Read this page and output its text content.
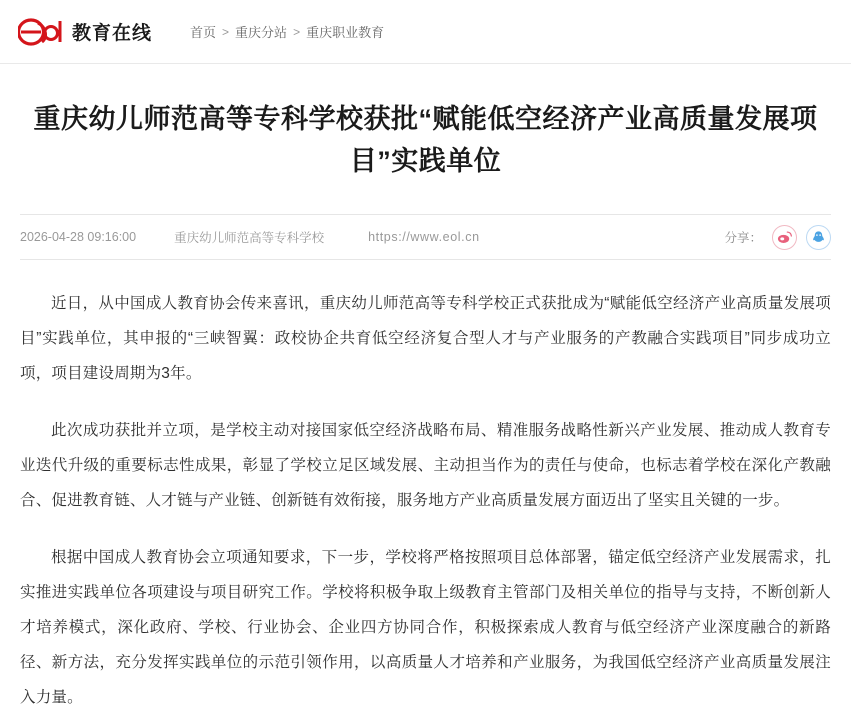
教育在线	首页 > 重庆分站 > 重庆职业教育
重庆幼儿师范高等专科学校获批“赋能低空经济产业高质量发展项目”实践单位
2026-04-28 09:16:00	重庆幼儿师范高等专科学校	https://www.eol.cn	分享：

近日，从中国成人教育协会传来喜讯，重庆幼儿师范高等专科学校正式获批成为“赋能低空经济产业高质量发展项目”实践单位，其申报的“三峡智翼：政校协企共育低空经济复合型人才与产业服务的产教融合实践项目”同步成功立项，项目建设周期为3年。

此次成功获批并立项，是学校主动对接国家低空经济战略布局、精准服务战略性新兴产业发展、推动成人教育专业迭代升级的重要标志性成果，彰显了学校立足区域发展、主动担当作为的责任与使命，也标志着学校在深化产教融合、促进教育链、人才链与产业链、创新链有效衔接，服务地方产业高质量发展方面迈出了坚实且关键的一步。

根据中国成人教育协会立项通知要求，下一步，学校将严格按照项目总体部署，锚定低空经济产业发展需求，扎实推进实践单位各项建设与项目研究工作。学校将积极争取上级教育主管部门及相关单位的指导与支持，不断创新人才培养模式，深化政府、学校、行业协会、企业四方协同合作，积极探索成人教育与低空经济产业深度融合的新路径、新方法，充分发挥实践单位的示范引领作用，以高质量人才培养和产业服务，为我国低空经济产业高质量发展注入力量。
